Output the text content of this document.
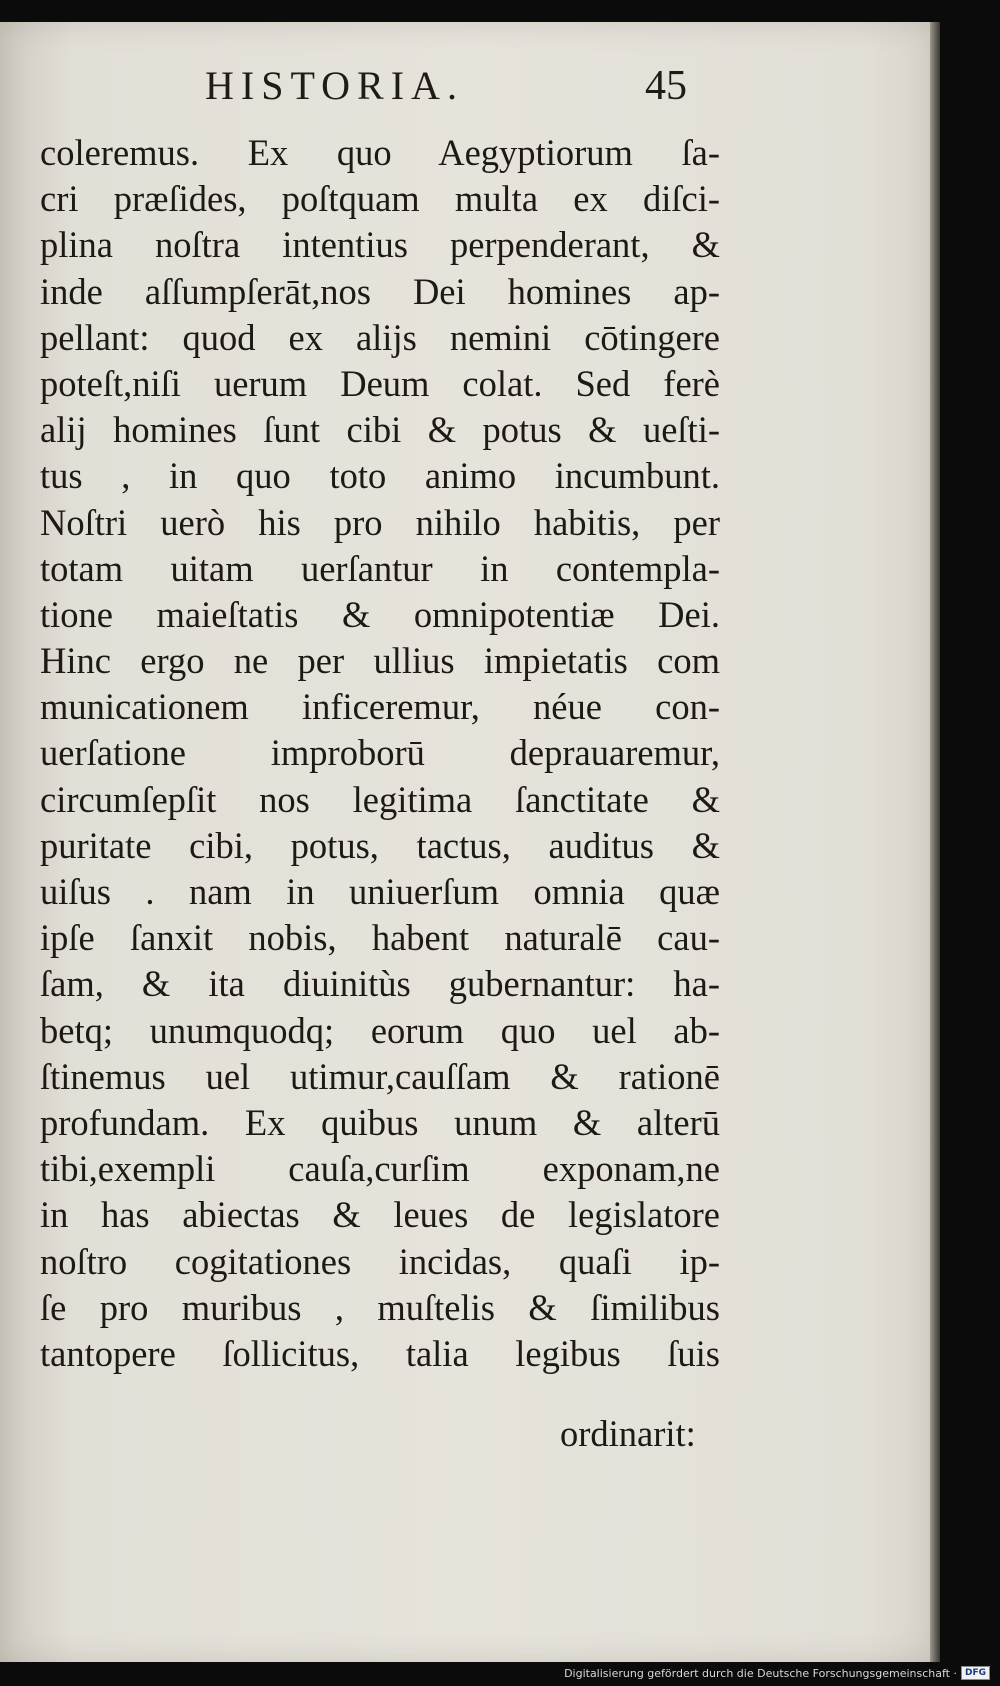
HISTORIA.	45
coleremus. Ex quo Aegyptiorum ſa-
cri præſides, poſtquam multa ex diſci-
plina noſtra intentius perpenderant, &
inde aſſumpſerāt,nos Dei homines ap-
pellant: quod ex alijs nemini cōtingere
poteſt,niſi uerum Deum colat. Sed ferè
alij homines ſunt cibi & potus & ueſti-
tus , in quo toto animo incumbunt.
Noſtri uerò his pro nihilo habitis, per
totam uitam uerſantur in contempla-
tione maieſtatis & omnipotentiæ Dei.
Hinc ergo ne per ullius impietatis com
municationem inficeremur, néue con-
uerſatione improborū deprauaremur,
circumſepſit nos legitima ſanctitate &
puritate cibi, potus, tactus, auditus &
uiſus . nam in uniuerſum omnia quæ
ipſe ſanxit nobis, habent naturalē cau-
ſam, & ita diuinitùs gubernantur: ha-
betq; unumquodq; eorum quo uel ab-
ſtinemus uel utimur,cauſſam & rationē
profundam. Ex quibus unum & alterū
tibi,exempli cauſa,curſim exponam,ne
in has abiectas & leues de legislatore
noſtro cogitationes incidas, quaſi ip-
ſe pro muribus , muſtelis & ſimilibus
tantopere ſollicitus, talia legibus ſuis
ordinarit:
Digitalisierung gefördert durch die Deutsche Forschungsgemeinschaft · DFG
